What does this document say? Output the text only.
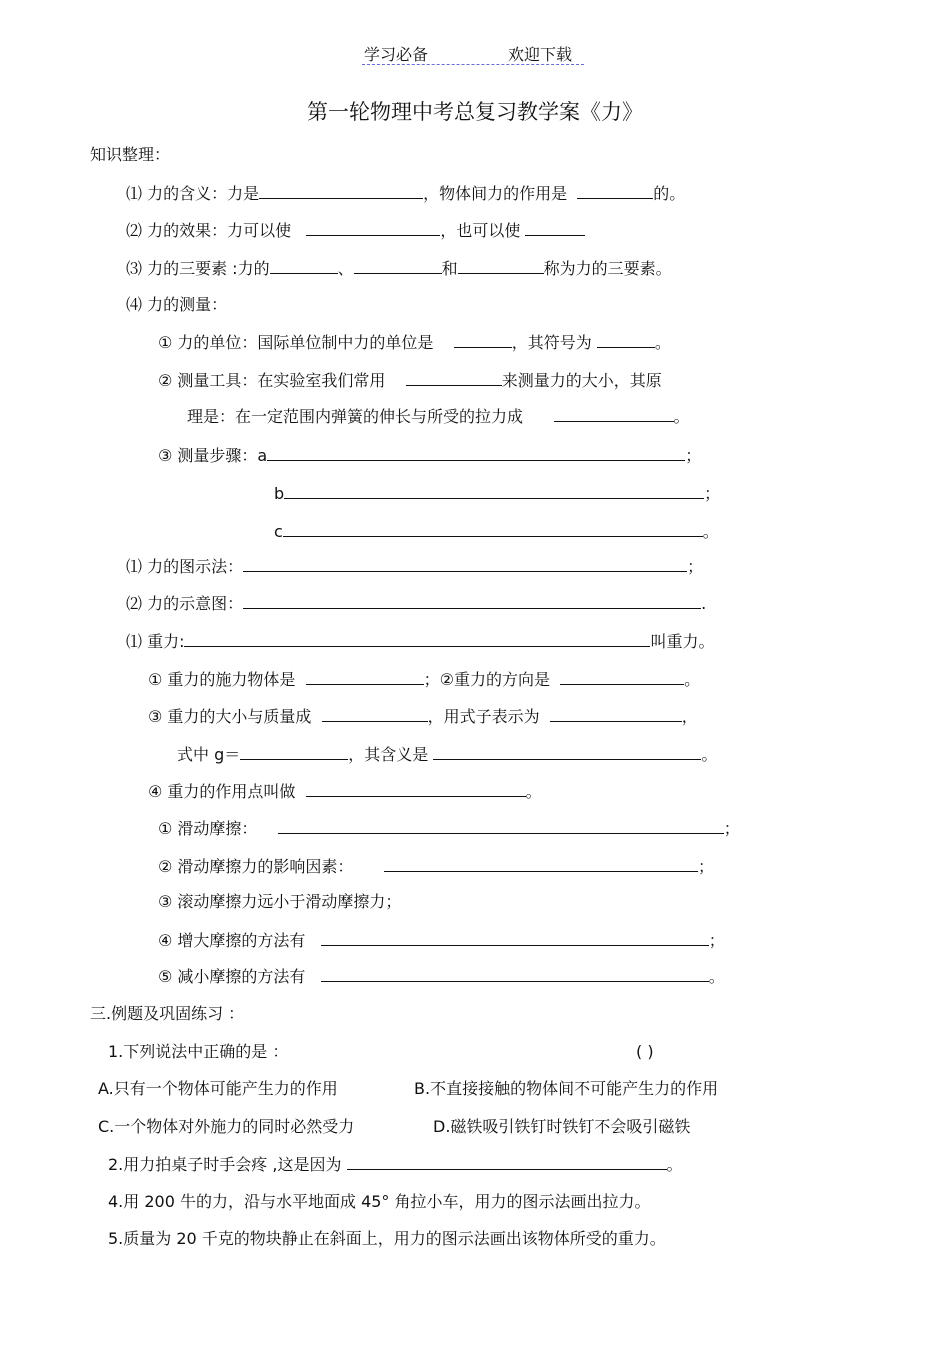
学习必备	欢迎下载
第一轮物理中考总复习教学案《力》
知识整理：
⑴ 力的含义：力是	，物体间力的作用是	的。
⑵ 力的效果：力可以使	，也可以使
⑶ 力的三要素 :力的	、	和	称为力的三要素。
⑷ 力的测量：
① 力的单位：国际单位制中力的单位是	，其符号为	。
② 测量工具：在实验室我们常用	来测量力的大小，其原
理是：在一定范围内弹簧的伸长与所受的拉力成	。
③ 测量步骤：a	；
b	；
c	。
⑴ 力的图示法：	；
⑵ 力的示意图：	.
⑴ 重力:	叫重力。
① 重力的施力物体是	；②重力的方向是	。
③ 重力的大小与质量成	，用式子表示为	，
式中 g＝	，其含义是	。
④ 重力的作用点叫做	。
① 滑动摩擦：	；
② 滑动摩擦力的影响因素：	；
③ 滚动摩擦力远小于滑动摩擦力；
④ 增大摩擦的方法有	；
⑤ 减小摩擦的方法有	。
三.例题及巩固练习 ：
1.下列说法中正确的是 ：	( )
A.只有一个物体可能产生力的作用	B.不直接接触的物体间不可能产生力的作用
C.一个物体对外施力的同时必然受力	D.磁铁吸引铁钉时铁钉不会吸引磁铁
2.用力拍桌子时手会疼 ,这是因为	。
4.用 200 牛的力，沿与水平地面成 45° 角拉小车，用力的图示法画出拉力。
5.质量为 20 千克的物块静止在斜面上，用力的图示法画出该物体所受的重力。
